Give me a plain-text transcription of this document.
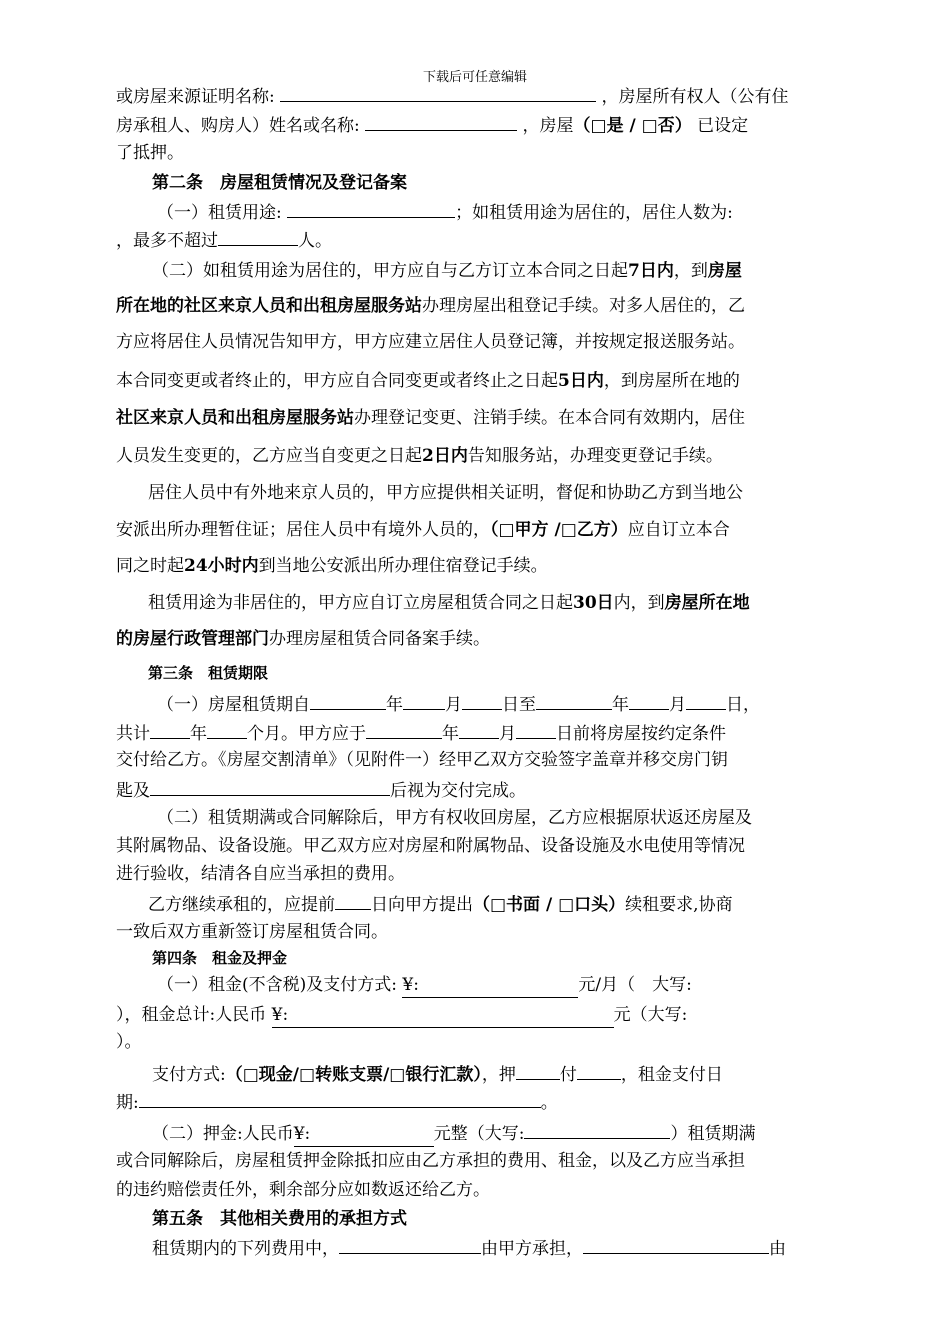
下载后可任意编辑
或房屋来源证明名称:	，房屋所有权人（公有住
房承租人、购房人）姓名或名称:	，房屋（□是 / □否） 已设定
了抵押。
第二条　房屋租赁情况及登记备案
（一）租赁用途:	；如租赁用途为居住的，居住人数为:
，最多不超过	人。
（二）如租赁用途为居住的，甲方应自与乙方订立本合同之日起7日内，到房屋
所在地的社区来京人员和出租房屋服务站办理房屋出租登记手续。对多人居住的，乙
方应将居住人员情况告知甲方，甲方应建立居住人员登记簿，并按规定报送服务站。
本合同变更或者终止的，甲方应自合同变更或者终止之日起5日内，到房屋所在地的
社区来京人员和出租房屋服务站办理登记变更、注销手续。在本合同有效期内，居住
人员发生变更的，乙方应当自变更之日起2日内告知服务站，办理变更登记手续。
居住人员中有外地来京人员的，甲方应提供相关证明，督促和协助乙方到当地公
安派出所办理暂住证；居住人员中有境外人员的，（□甲方 /□乙方）应自订立本合
同之时起24小时内到当地公安派出所办理住宿登记手续。
租赁用途为非居住的，甲方应自订立房屋租赁合同之日起30日内，到房屋所在地
的房屋行政管理部门办理房屋租赁合同备案手续。
第三条　租赁期限
（一）房屋租赁期自	年 月 日至	年 月 日，
共计 年 个月。甲方应于	年 月 日前将房屋按约定条件
交付给乙方。《房屋交割清单》（见附件一）经甲乙双方交验签字盖章并移交房门钥
匙及	后视为交付完成。
（二）租赁期满或合同解除后，甲方有权收回房屋，乙方应根据原状返还房屋及
其附属物品、设备设施。甲乙双方应对房屋和附属物品、设备设施及水电使用等情况
进行验收，结清各自应当承担的费用。
乙方继续承租的，应提前 日向甲方提出（□书面 / □口头）续租要求,协商
一致后双方重新签订房屋租赁合同。
第四条　租金及押金
（一）租金(不含税)及支付方式: ¥:	元/月（　大写:
），租金总计:人民币 ¥:	元（大写:
）。
支付方式:（□现金/□转账支票/□银行汇款），押	付	，租金支付日
期:	。
（二）押金:人民币¥:	元整（大写:	）租赁期满
或合同解除后，房屋租赁押金除抵扣应由乙方承担的费用、租金，以及乙方应当承担
的违约赔偿责任外，剩余部分应如数返还给乙方。
第五条　其他相关费用的承担方式
租赁期内的下列费用中，	由甲方承担，	由
